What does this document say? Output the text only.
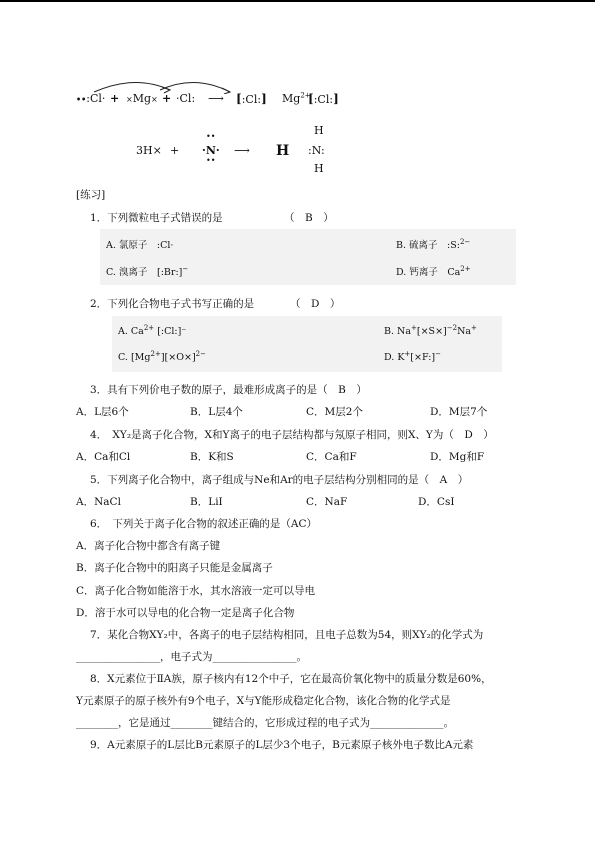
••:Cl· + ×Mg× + ·Cl: ⟶ [:Cl:] $Mg^{2+}$
[:Cl:]
3H× +
••
·N·
••
⟶ H
H
:N:
H
[练习]
1．下列微粒电子式错误的是	（　B　）
A. 氯原子　:Cl·	B. 硫离子　:S:$^{2-}$
C. 溴离子　[:Br:]−	D. 钙离子　 $Ca^{2+}$
2．下列化合物电子式书写正确的是	（　D　）
A. $Ca^{2+}$ [:Cl:]⁻	B. $Na^+[\times S\times]^{-2}Na^+$
C. $[Mg^{2+}][\times O\times]^{2-}$	D. K+[×F:]−
3．具有下列价电子数的原子，最难形成离子的是（　B　）
A．L层6个	B．L层4个	C．M层2个	D．M层7个
4．　XY₂是离子化合物，X和Y离子的电子层结构都与氖原子相同，则X、Y为（　D　）
A．Ca和Cl	B．K和S	C．Ca和F	D．Mg和F
5．下列离子化合物中，离子组成与Ne和Ar的电子层结构分别相同的是（　A　）
A．NaCl	B．LiI	C．NaF	D．CsI
6．　下列关于离子化合物的叙述正确的是（AC）
A．离子化合物中都含有离子键
B．离子化合物中的阳离子只能是金属离子
C．离子化合物如能溶于水，其水溶液一定可以导电
D．溶于水可以导电的化合物一定是离子化合物
7．某化合物XY₂中，各离子的电子层结构相同，且电子总数为54，则XY₂的化学式为
________________，电子式为________________。
8．X元素位于ⅡA族，原子核内有12个中子，它在最高价氧化物中的质量分数是60%，
Y元素原子的原子核外有9个电子，X与Y能形成稳定化合物，该化合物的化学式是
________，它是通过________键结合的，它形成过程的电子式为______________。
9．A元素原子的L层比B元素原子的L层少3个电子，B元素原子核外电子数比A元素
